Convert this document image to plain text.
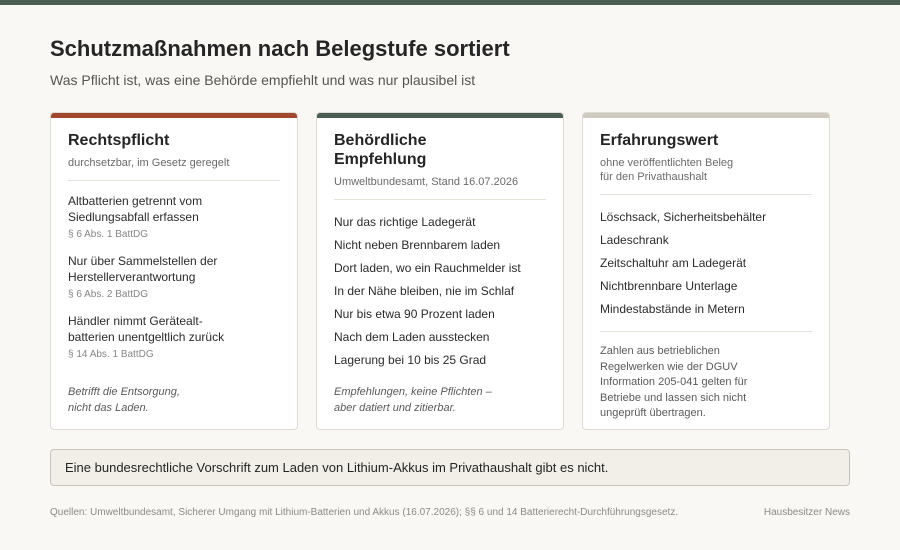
Schutzmaßnahmen nach Belegstufe sortiert

Was Pflicht ist, was eine Behörde empfiehlt und was nur plausibel ist

Rechtspflicht
durchsetzbar, im Gesetz geregelt
Altbatterien getrennt vom
Siedlungsabfall erfassen
§ 6 Abs. 1 BattDG
Nur über Sammelstellen der
Herstellerverantwortung
§ 6 Abs. 2 BattDG
Händler nimmt Gerätealt-
batterien unentgeltlich zurück
§ 14 Abs. 1 BattDG
Betrifft die Entsorgung,
nicht das Laden.
Behördliche
Empfehlung
Umweltbundesamt, Stand 16.07.2026
Nur das richtige Ladegerät
Nicht neben Brennbarem laden
Dort laden, wo ein Rauchmelder ist
In der Nähe bleiben, nie im Schlaf
Nur bis etwa 90 Prozent laden
Nach dem Laden ausstecken
Lagerung bei 10 bis 25 Grad
Empfehlungen, keine Pflichten –
aber datiert und zitierbar.
Erfahrungswert
ohne veröffentlichten Beleg
für den Privathaushalt
Löschsack, Sicherheitsbehälter
Ladeschrank
Zeitschaltuhr am Ladegerät
Nichtbrennbare Unterlage
Mindestabstände in Metern
Zahlen aus betrieblichen
Regelwerken wie der DGUV
Information 205-041 gelten für
Betriebe und lassen sich nicht
ungeprüft übertragen.
Eine bundesrechtliche Vorschrift zum Laden von Lithium-Akkus im Privathaushalt gibt es nicht.
Quellen: Umweltbundesamt, Sicherer Umgang mit Lithium-Batterien und Akkus (16.07.2026); §§ 6 und 14 Batterierecht-Durchführungsgesetz.	Hausbesitzer News
